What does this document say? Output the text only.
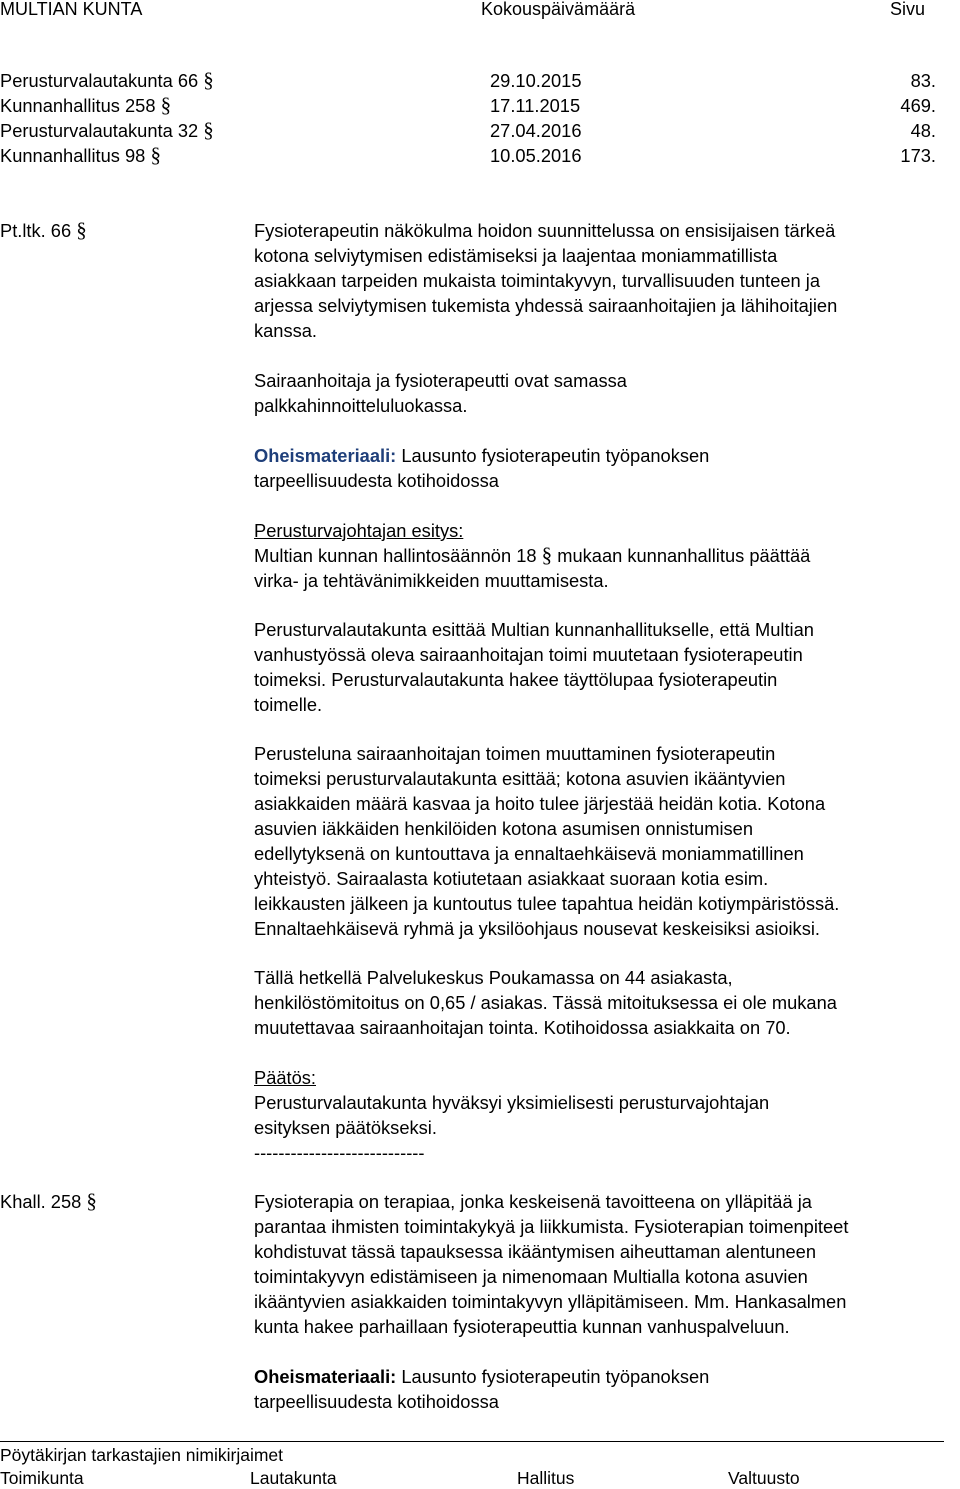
MULTIAN KUNTA	Kokouspäivämäärä	Sivu
Perusturvalautakunta 66 §	29.10.2015	83.
Kunnanhallitus 258 §	17.11.2015	469.
Perusturvalautakunta 32 §	27.04.2016	48.
Kunnanhallitus 98 §	10.05.2016	173.
Pt.ltk. 66 §	Fysioterapeutin näkökulma hoidon suunnittelussa on ensisijaisen tärkeä

kotona selviytymisen edistämiseksi ja laajentaa moniammatillista

asiakkaan tarpeiden mukaista toimintakyvyn, turvallisuuden tunteen ja

arjessa selviytymisen tukemista yhdessä sairaanhoitajien ja lähihoitajien

kanssa.

Sairaanhoitaja ja fysioterapeutti ovat samassa

palkkahinnoitteluluokassa.

Oheismateriaali: Lausunto fysioterapeutin työpanoksen

tarpeellisuudesta kotihoidossa

Perusturvajohtajan esitys:

Multian kunnan hallintosäännön 18 § mukaan kunnanhallitus päättää

virka- ja tehtävänimikkeiden muuttamisesta.

Perusturvalautakunta esittää Multian kunnanhallitukselle, että Multian

vanhustyössä oleva sairaanhoitajan toimi muutetaan fysioterapeutin

toimeksi. Perusturvalautakunta hakee täyttölupaa fysioterapeutin

toimelle.

Perusteluna sairaanhoitajan toimen muuttaminen fysioterapeutin

toimeksi perusturvalautakunta esittää; kotona asuvien ikääntyvien

asiakkaiden määrä kasvaa ja hoito tulee järjestää heidän kotia. Kotona

asuvien iäkkäiden henkilöiden kotona asumisen onnistumisen

edellytyksenä on kuntouttava ja ennaltaehkäisevä moniammatillinen

yhteistyö. Sairaalasta kotiutetaan asiakkaat suoraan kotia esim.

leikkausten jälkeen ja kuntoutus tulee tapahtua heidän kotiympäristössä.

Ennaltaehkäisevä ryhmä ja yksilöohjaus nousevat keskeisiksi asioiksi.

Tällä hetkellä Palvelukeskus Poukamassa on 44 asiakasta,

henkilöstömitoitus on 0,65 / asiakas. Tässä mitoituksessa ei ole mukana

muutettavaa sairaanhoitajan tointa. Kotihoidossa asiakkaita on 70.

Päätös:

Perusturvalautakunta hyväksyi yksimielisesti perusturvajohtajan

esityksen päätökseksi.

----------------------------

Khall. 258 §	Fysioterapia on terapiaa, jonka keskeisenä tavoitteena on ylläpitää ja

parantaa ihmisten toimintakykyä ja liikkumista. Fysioterapian toimenpiteet

kohdistuvat tässä tapauksessa ikääntymisen aiheuttaman alentuneen

toimintakyvyn edistämiseen ja nimenomaan Multialla kotona asuvien

ikääntyvien asiakkaiden toimintakyvyn ylläpitämiseen. Mm. Hankasalmen

kunta hakee parhaillaan fysioterapeuttia kunnan vanhuspalveluun.

Oheismateriaali: Lausunto fysioterapeutin työpanoksen

tarpeellisuudesta kotihoidossa

Pöytäkirjan tarkastajien nimikirjaimet
Toimikunta	Lautakunta	Hallitus	Valtuusto
